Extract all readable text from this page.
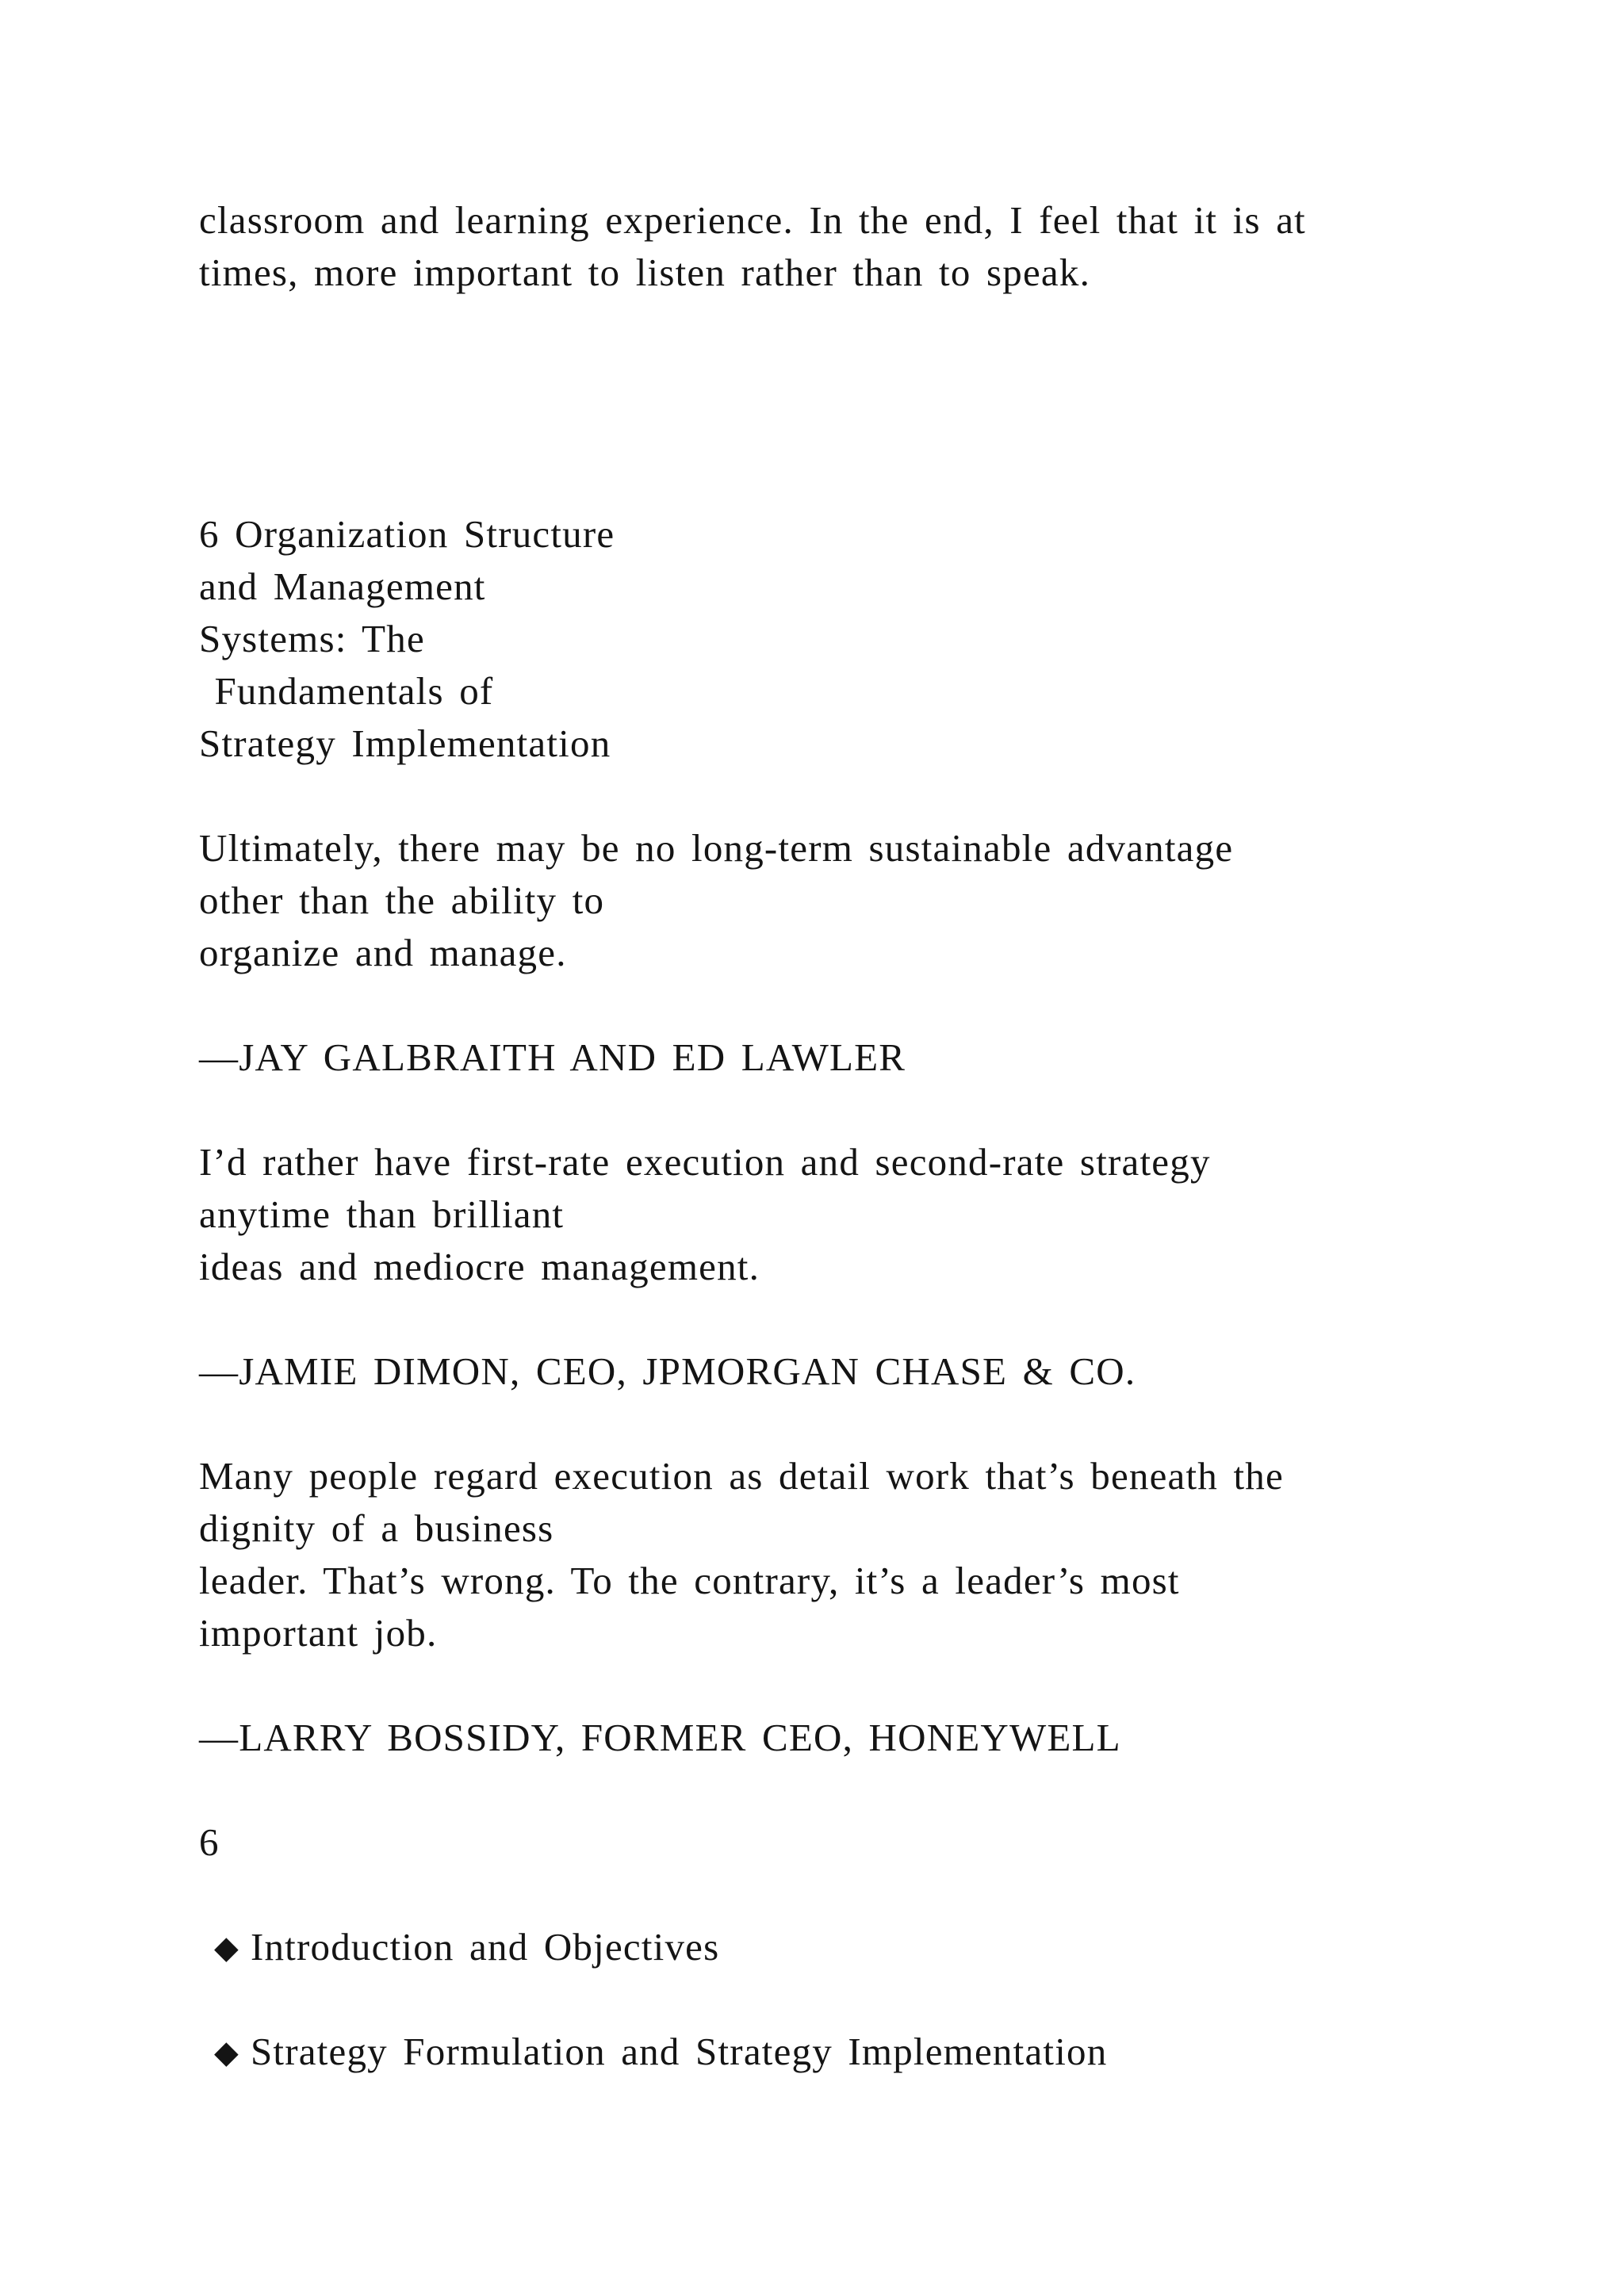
classroom and learning experience. In the end, I feel that it is at
times, more important to listen rather than to speak.
6 Organization Structure
and Management
Systems: The
Fundamentals of
Strategy Implementation
Ultimately, there may be no long-term sustainable advantage
other than the ability to
organize and manage.
—JAY GALBRAITH AND ED LAWLER
I’d rather have first-rate execution and second-rate strategy
anytime than brilliant
ideas and mediocre management.
—JAMIE DIMON, CEO, JPMORGAN CHASE & CO.
Many people regard execution as detail work that’s beneath the
dignity of a business
leader. That’s wrong. To the contrary, it’s a leader’s most
important job.
—LARRY BOSSIDY, FORMER CEO, HONEYWELL
6
◆ Introduction and Objectives
◆ Strategy Formulation and Strategy Implementation
